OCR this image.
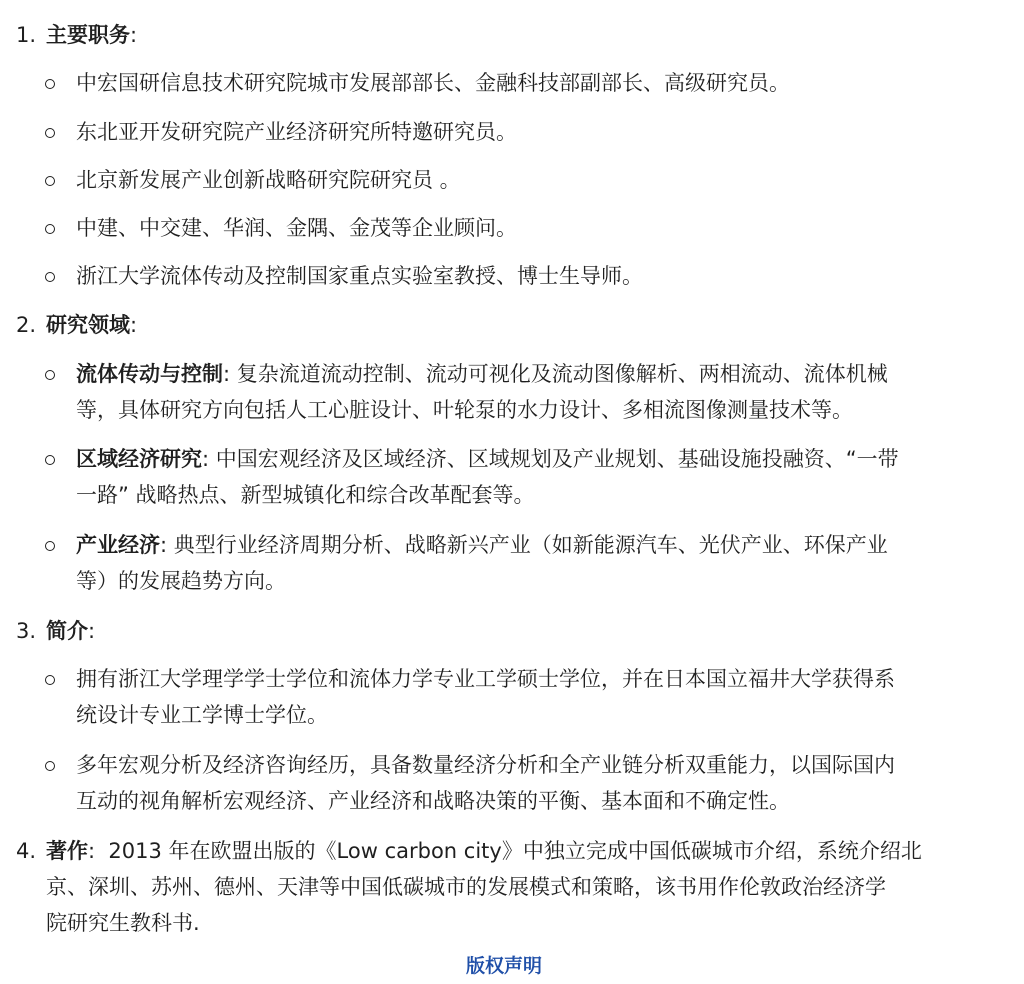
1. 主要职务:
中宏国研信息技术研究院城市发展部部长、金融科技部副部长、高级研究员。
东北亚开发研究院产业经济研究所特邀研究员。
北京新发展产业创新战略研究院研究员 。
中建、中交建、华润、金隅、金茂等企业顾问。
浙江大学流体传动及控制国家重点实验室教授、博士生导师。
2. 研究领域:
流体传动与控制: 复杂流道流动控制、流动可视化及流动图像解析、两相流动、流体机械
等，具体研究方向包括人工心脏设计、叶轮泵的水力设计、多相流图像测量技术等。
区域经济研究: 中国宏观经济及区域经济、区域规划及产业规划、基础设施投融资、“一带
一路” 战略热点、新型城镇化和综合改革配套等。
产业经济: 典型行业经济周期分析、战略新兴产业（如新能源汽车、光伏产业、环保产业
等）的发展趋势方向。
3. 简介:
拥有浙江大学理学学士学位和流体力学专业工学硕士学位，并在日本国立福井大学获得系
统设计专业工学博士学位。
多年宏观分析及经济咨询经历，具备数量经济分析和全产业链分析双重能力，以国际国内
互动的视角解析宏观经济、产业经济和战略决策的平衡、基本面和不确定性。
4. 著作:  2013 年在欧盟出版的《Low carbon city》中独立完成中国低碳城市介绍，系统介绍北
京、深圳、苏州、德州、天津等中国低碳城市的发展模式和策略，该书用作伦敦政治经济学
院研究生教科书.
版权声明
